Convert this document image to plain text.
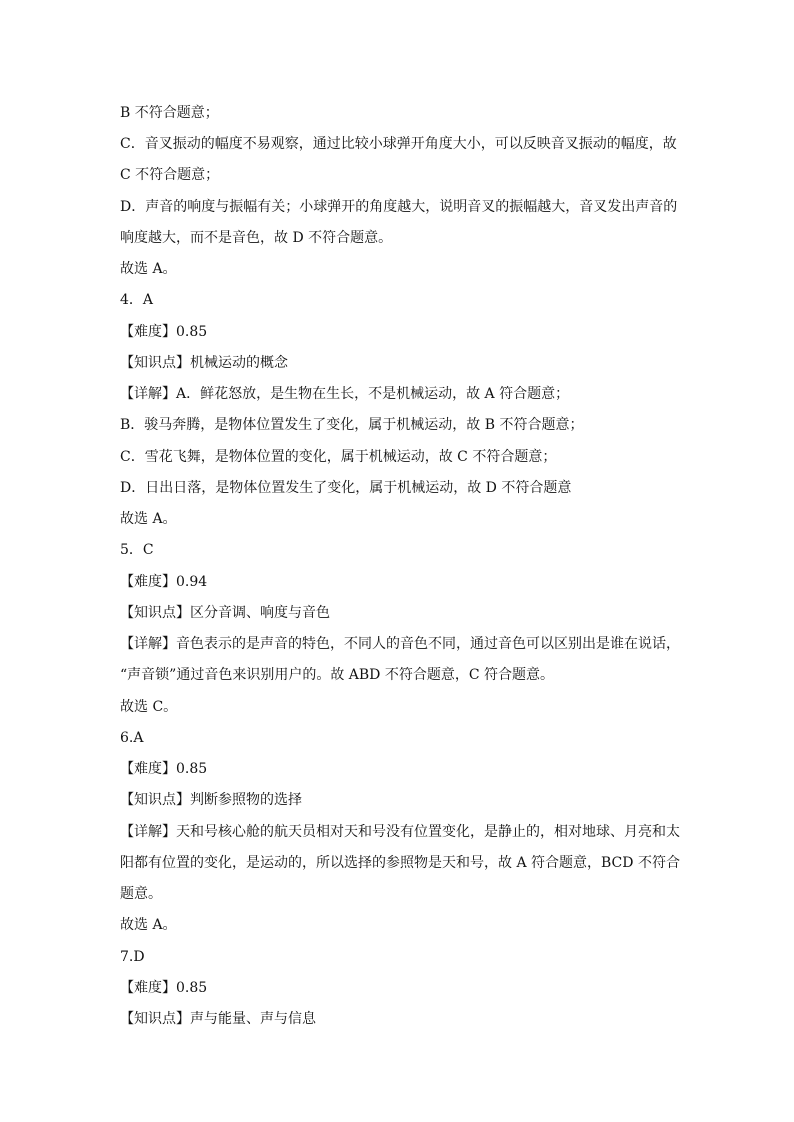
B 不符合题意；
C．音叉振动的幅度不易观察，通过比较小球弹开角度大小，可以反映音叉振动的幅度，故
C 不符合题意；
D．声音的响度与振幅有关；小球弹开的角度越大，说明音叉的振幅越大，音叉发出声音的
响度越大，而不是音色，故 D 不符合题意。
故选 A。
4．A
【难度】0.85
【知识点】机械运动的概念
【详解】A．鲜花怒放，是生物在生长，不是机械运动，故 A 符合题意；
B．骏马奔腾，是物体位置发生了变化，属于机械运动，故 B 不符合题意；
C．雪花飞舞，是物体位置的变化，属于机械运动，故 C 不符合题意；
D．日出日落，是物体位置发生了变化，属于机械运动，故 D 不符合题意
故选 A。
5．C
【难度】0.94
【知识点】区分音调、响度与音色
【详解】音色表示的是声音的特色，不同人的音色不同，通过音色可以区别出是谁在说话，
“声音锁”通过音色来识别用户的。故 ABD 不符合题意，C 符合题意。
故选 C。
6.A
【难度】0.85
【知识点】判断参照物的选择
【详解】天和号核心舱的航天员相对天和号没有位置变化，是静止的，相对地球、月亮和太
阳都有位置的变化，是运动的，所以选择的参照物是天和号，故 A 符合题意，BCD 不符合
题意。
故选 A。
7.D
【难度】0.85
【知识点】声与能量、声与信息
